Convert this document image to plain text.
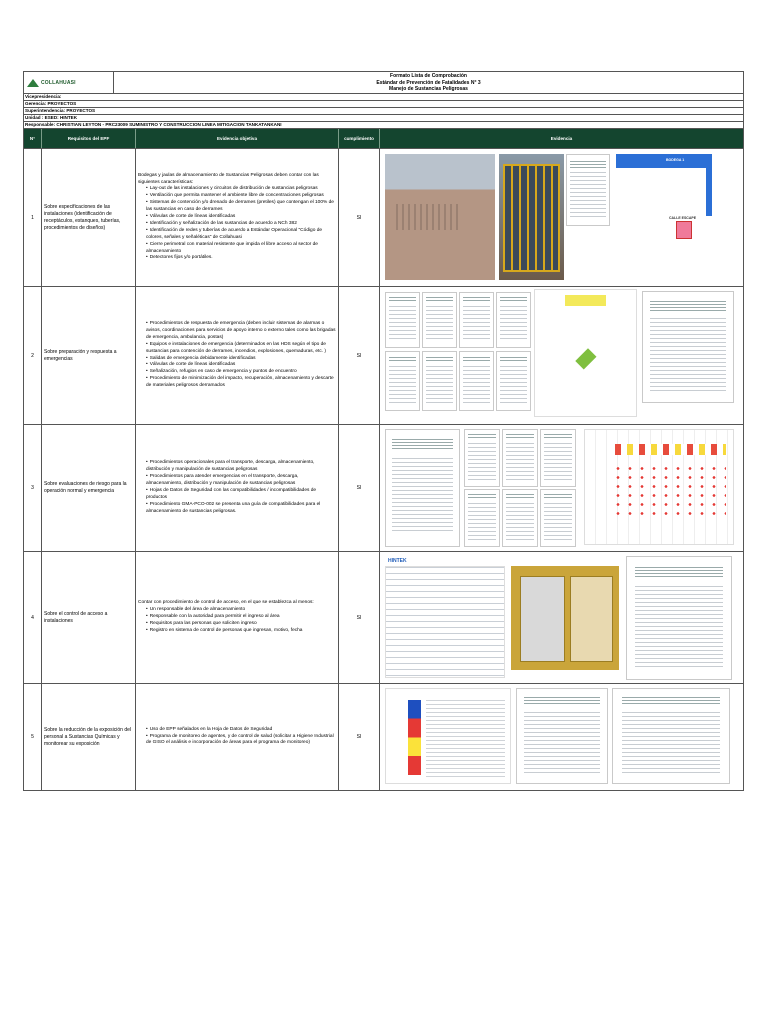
COLLAHUASI
Formato Lista de Comprobación
Estándar de Prevención de Fatalidades N° 3
Manejo de Sustancias Peligrosas
Vicepresidencia:
Gerencia: PROYECTOS
Superintendencia: PROYECTOS
Unidad : ESED: HINTEK
Responsable: CHRISTIAN LEYTON - PRC23009 SUMINISTRO Y CONSTRUCCION LINEA MITIGACION TANKATANKANI
N°	Requisitos del EPF	Evidencia objetiva	cumplimiento	Evidencia
1
Sobre especificaciones de las instalaciones (identificación de receptáculos, estanques, tuberías, procedimientos de diseños)
Bodegas y jaulas de almacenamiento de Sustancias Peligrosas deben contar con las siguientes características:
• Lay-out de las instalaciones y circuitos de distribución de sustancias peligrosas
• Ventilación que permita mantener el ambiente libre de concentraciones peligrosas
• Sistemas de contención y/o drenado de derrames (pretiles) que contengan el 100% de las sustancias en caso de derrames
• Válvulas de corte de líneas identificadas
• Identificación y señalización de las sustancias de acuerdo a NCh 382
• Identificación de redes y tuberías de acuerdo a Estándar Operacional "Código de colores, señales y señaléticas" de Collahuasi
• Cierre perimetral con material resistente que impida el libre acceso al sector de almacenamiento
• Detectores fijos y/o portátiles.
SI
BODEGA 1
CALLE ESCAPE
2
Sobre preparación y respuesta a emergencias
• Procedimientos de respuesta de emergencia (deben incluir sistemas de alarmas o avisos, coordinaciones para servicios de apoyo interno o externo tales como las brigadas de emergencia, ambulancia, postas)
• Equipos e instalaciones de emergencia (determinados en las HDS según el tipo de sustancias para contención de derrames, incendios, explosiones, quemaduras, etc. )
• Salidas de emergencia debidamente identificadas
• Válvulas de corte de líneas identificadas
• Señalización, refugios en caso de emergencia y puntos de encuentro
• Procedimiento de minimización del impacto, recuperación, almacenamiento y descarte de materiales peligrosos derramados
SI
3
Sobre evaluaciones de riesgo para la operación normal y emergencia
• Procedimientos operacionales para el transporte, descarga, almacenamiento, distribución y manipulación de sustancias peligrosas
• Procedimientos para atender emergencias en el transporte, descarga, almacenamiento, distribución y manipulación de sustancias peligrosas
• Hojas de Datos de Seguridad con las compatibilidades / incompatibilidades de productos
• Procedimiento GMA-PCO-002 se presenta una guía de compatibilidades para el almacenamiento de sustancias peligrosas.
SI
4
Sobre el control de acceso a instalaciones
Contar con procedimiento de control de acceso, en el que se establezca al menos:
• Un responsable del área de almacenamiento
• Responsable con la autoridad para permitir el ingreso al área
• Requisitos para las personas que soliciten ingreso
• Registro en sistema de control de personas que ingresan, motivo, fecha
SI
HINTEK
5
Sobre la reducción de la exposición del personal a Sustancias Químicas y monitorear su exposición
• Uso de EPP señalados en la Hoja de Datos de Seguridad
• Programa de monitoreo de agentes, y de control de salud (solicitar a Higiene Industrial de GISO el análisis e incorporación de áreas para el programa de monitoreo)
SI
